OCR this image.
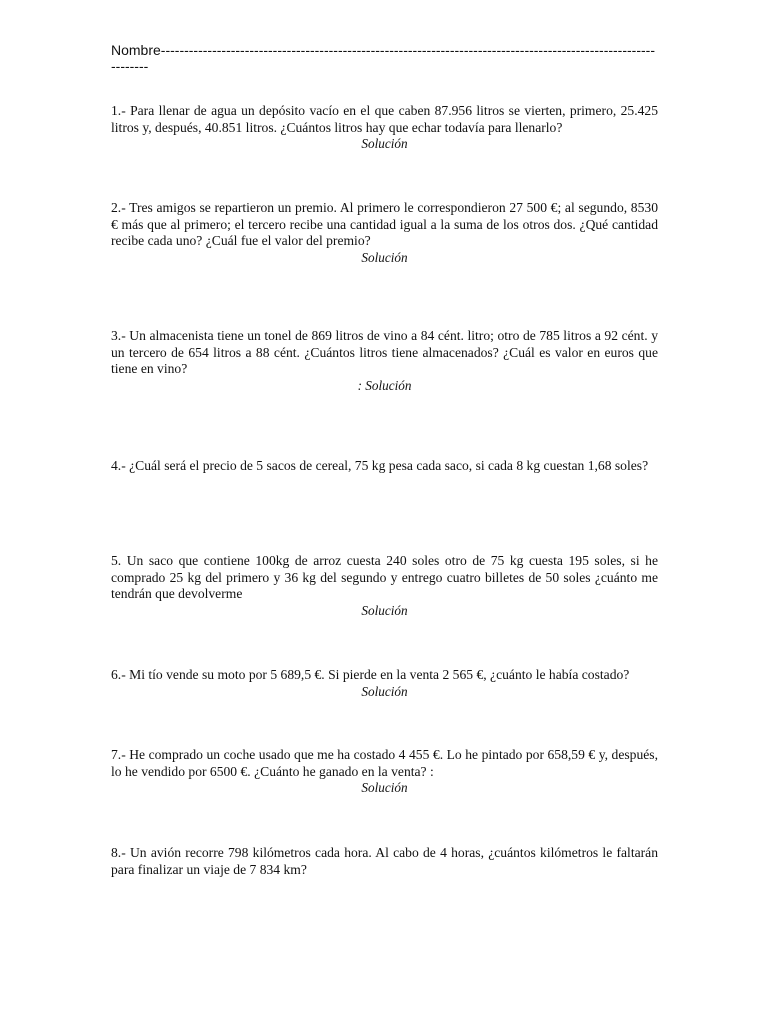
Nombre------------------------------------------------------------------------------------------------------------------

1.- Para llenar de agua un depósito vacío en el que caben 87.956 litros se vierten, primero, 25.425 litros y, después, 40.851 litros. ¿Cuántos litros hay que echar todavía para llenarlo?

Solución

2.- Tres amigos se repartieron un premio. Al primero le correspondieron 27 500 €; al segundo, 8530 € más que al primero; el tercero recibe una cantidad igual a la suma de los otros dos. ¿Qué cantidad recibe cada uno? ¿Cuál fue el valor del premio?

Solución

3.- Un almacenista tiene un tonel de 869 litros de vino a 84 cént. litro; otro de 785 litros a 92 cént. y un tercero de 654 litros a 88 cént. ¿Cuántos litros tiene almacenados? ¿Cuál es valor en euros que tiene en vino?

: Solución

4.- ¿Cuál será el precio de 5 sacos de cereal, 75 kg pesa cada saco, si cada 8 kg cuestan 1,68 soles?

5. Un saco que contiene 100kg de arroz cuesta 240 soles otro de 75 kg cuesta 195 soles, si he comprado 25 kg del primero y 36 kg del segundo y entrego cuatro billetes de 50 soles ¿cuánto me tendrán que devolverme

Solución

6.- Mi tío vende su moto por 5 689,5 €. Si pierde en la venta 2 565 €, ¿cuánto le había costado?

Solución

7.- He comprado un coche usado que me ha costado 4 455 €. Lo he pintado por 658,59 € y, después, lo he vendido por 6500 €. ¿Cuánto he ganado en la venta? :

Solución

8.- Un avión recorre 798 kilómetros cada hora. Al cabo de 4 horas, ¿cuántos kilómetros le faltarán para finalizar un viaje de 7 834 km?
